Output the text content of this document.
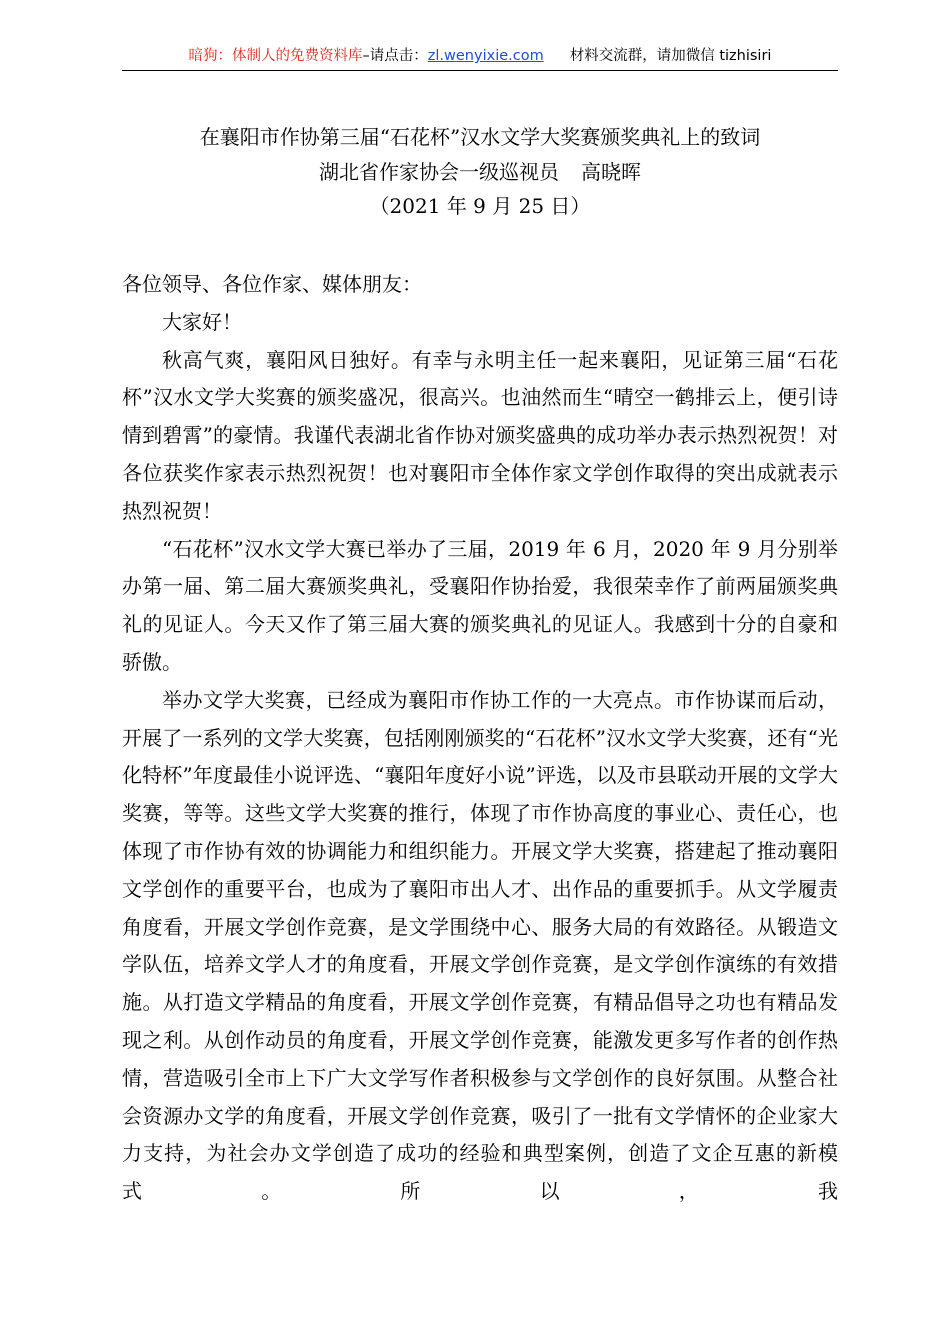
暗狗：体制人的免费资料库–请点击：zl.wenyixie.com 材料交流群，请加微信 tizhisiri
在襄阳市作协第三届“石花杯”汉水文学大奖赛颁奖典礼上的致词
湖北省作家协会一级巡视员 高晓晖
（2021 年 9 月 25 日）

各位领导、各位作家、媒体朋友：

大家好！

秋高气爽，襄阳风日独好。有幸与永明主任一起来襄阳，见证第三届“石花杯”汉水文学大奖赛的颁奖盛况，很高兴。也油然而生“晴空一鹤排云上，便引诗情到碧霄”的豪情。我谨代表湖北省作协对颁奖盛典的成功举办表示热烈祝贺！对各位获奖作家表示热烈祝贺！也对襄阳市全体作家文学创作取得的突出成就表示热烈祝贺！

“石花杯”汉水文学大赛已举办了三届，2019 年 6 月，2020 年 9 月分别举办第一届、第二届大赛颁奖典礼，受襄阳作协抬爱，我很荣幸作了前两届颁奖典礼的见证人。今天又作了第三届大赛的颁奖典礼的见证人。我感到十分的自豪和骄傲。

举办文学大奖赛，已经成为襄阳市作协工作的一大亮点。市作协谋而后动，开展了一系列的文学大奖赛，包括刚刚颁奖的“石花杯”汉水文学大奖赛，还有“光化特杯”年度最佳小说评选、“襄阳年度好小说”评选，以及市县联动开展的文学大奖赛，等等。这些文学大奖赛的推行，体现了市作协高度的事业心、责任心，也体现了市作协有效的协调能力和组织能力。开展文学大奖赛，搭建起了推动襄阳文学创作的重要平台，也成为了襄阳市出人才、出作品的重要抓手。从文学履责角度看，开展文学创作竞赛，是文学围绕中心、服务大局的有效路径。从锻造文学队伍，培养文学人才的角度看，开展文学创作竞赛，是文学创作演练的有效措施。从打造文学精品的角度看，开展文学创作竞赛，有精品倡导之功也有精品发现之利。从创作动员的角度看，开展文学创作竞赛，能激发更多写作者的创作热情，营造吸引全市上下广大文学写作者积极参与文学创作的良好氛围。从整合社会资源办文学的角度看，开展文学创作竞赛，吸引了一批有文学情怀的企业家大力支持，为社会办文学创造了成功的经验和典型案例，创造了文企互惠的新模式。所以，我
